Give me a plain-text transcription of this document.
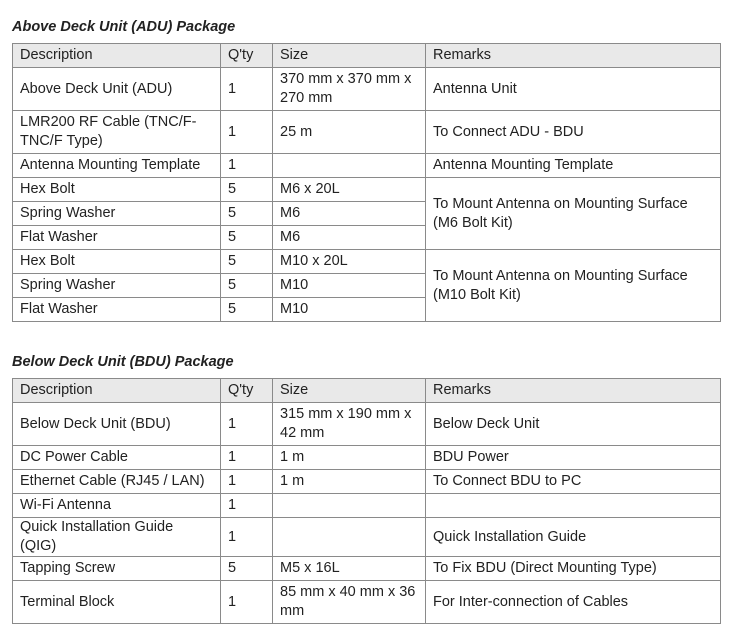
Above Deck Unit (ADU) Package
Description	Q'ty	Size	Remarks
Above Deck Unit (ADU)	1	370 mm x 370 mm x 270 mm	Antenna Unit
LMR200 RF Cable (TNC/F-TNC/F Type)	1	25 m	To Connect ADU - BDU
Antenna Mounting Template	1		Antenna Mounting Template
Hex Bolt	5	M6 x 20L	To Mount Antenna on Mounting Surface (M6 Bolt Kit)
Spring Washer	5	M6	
Flat Washer	5	M6	
Hex Bolt	5	M10 x 20L	To Mount Antenna on Mounting Surface (M10 Bolt Kit)
Spring Washer	5	M10	
Flat Washer	5	M10	
Below Deck Unit (BDU) Package
Description	Q'ty	Size	Remarks
Below Deck Unit (BDU)	1	315 mm x 190 mm x 42 mm	Below Deck Unit
DC Power Cable	1	1 m	BDU Power
Ethernet Cable (RJ45 / LAN)	1	1 m	To Connect BDU to PC
Wi-Fi Antenna	1		
Quick Installation Guide (QIG)	1		Quick Installation Guide
Tapping Screw	5	M5 x 16L	To Fix BDU (Direct Mounting Type)
Terminal Block	1	85 mm x 40 mm x 36 mm	For Inter-connection of Cables
